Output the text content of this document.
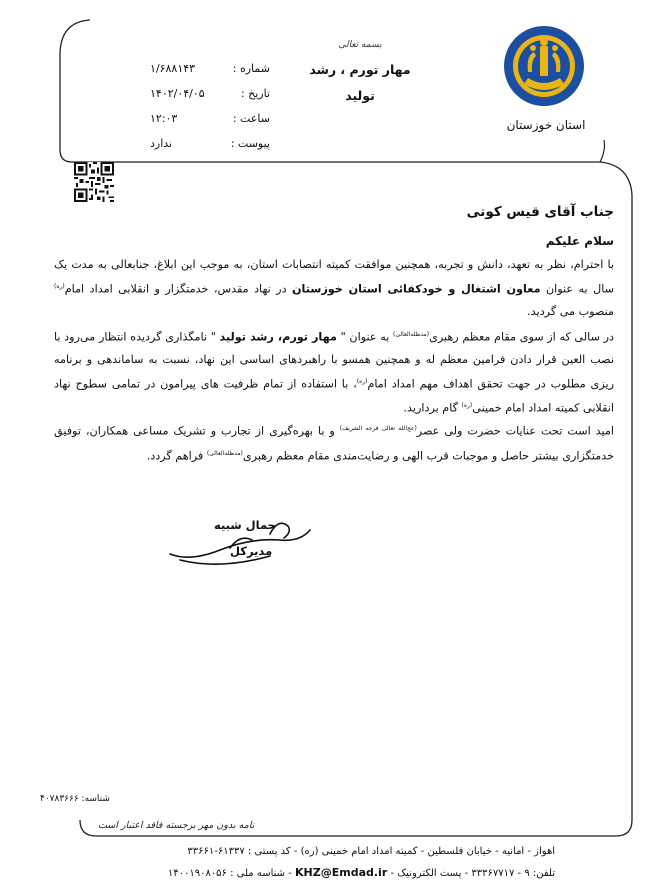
استان خوزستان
بسمه تعالی
مهار تورم ، رشد
تولید
شماره :
۱/۶۸۸۱۴۳
تاریخ :
۱۴۰۲/۰۴/۰۵
ساعت :
۱۲:۰۳
پیوست :
ندارد
جناب آقای قیس کوتی
سلام علیکم
با احترام، نظر به تعهد، دانش و تجربه، همچنین موافقت کمیته انتصابات استان، به موجب این ابلاغ، جنابعالی به مدت یک سال به عنوان معاون اشتغال و خودکفائی استان خوزستان در نهاد مقدس، خدمتگزار و انقلابی امداد امام$^{(ره)}$ منصوب می گردید.
در سالی که از سوی مقام معظم رهبری$^{(مدظله‌العالی)}$ به عنوان " مهار تورم، رشد تولید " نامگذاری گردیده انتظار می‌رود با نصب العین قرار دادن فرامین معظم له و همچنین همسو با راهبردهای اساسی این نهاد، نسبت به ساماندهی و برنامه ریزی مطلوب در جهت تحقق اهداف مهم امداد امام$^{(ره)}$، با استفاده از تمام ظرفیت های پیرامون در تمامی سطوح نهاد انقلابی کمیته امداد امام خمینی$^{(ره)}$ گام بردارید.
امید است تحت عنایات حضرت ولی عصر$^{(عج‌الله تعالی فرجه الشریف)}$ و با بهره‌گیری از تجارب و تشریک مساعی همکاران، توفیق خدمتگزاری بیشتر حاصل و موجبات قرب الهی و رضایت‌مندی مقام معظم رهبری$^{(مدظله‌العالی)}$ فراهم گردد.
جمال شبیه
مدیرکل
شناسه: ۴۰۷۸۳۶۶۶
نامه بدون مهر برجسته فاقد اعتبار است
اهواز - امانیه - خیابان فلسطین - کمیته امداد امام خمینی (ره) - کد پستی : ۶۱۳۳۷-۳۳۶۶۱
تلفن: ۹ - ۳۳۳۶۷۷۱۷ - پست الکترونیک - KHZ@Emdad.ir - شناسه ملی : ۱۴۰۰۱۹۰۸۰۵۶
